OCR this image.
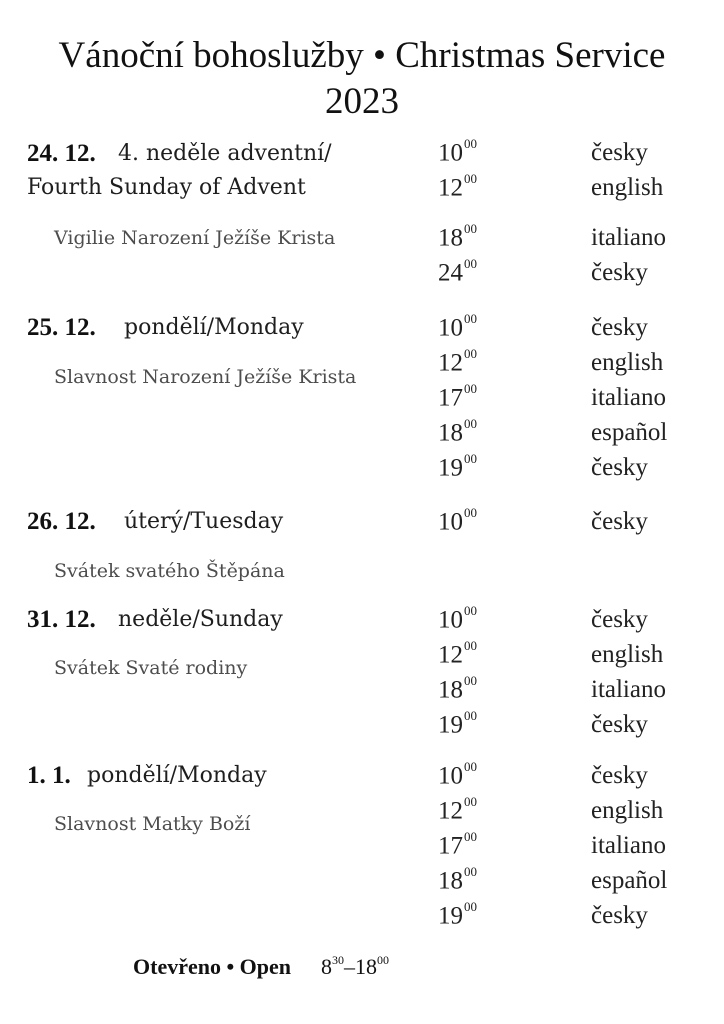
Vánoční bohoslužby • Christmas Service
2023
24. 12. 4. neděle adventní/
Fourth Sunday of Advent
Vigilie Narození Ježíše Krista
$10^{00}$	česky
$12^{00}$	english
$18^{00}$	italiano
$24^{00}$	česky
25. 12. pondělí/Monday
Slavnost Narození Ježíše Krista
$10^{00}$	česky
$12^{00}$	english
$17^{00}$	italiano
$18^{00}$	español
$19^{00}$	česky
26. 12. úterý/Tuesday
Svátek svatého Štěpána
$10^{00}$	česky
31. 12. neděle/Sunday
Svátek Svaté rodiny
$10^{00}$	česky
$12^{00}$	english
$18^{00}$	italiano
$19^{00}$	česky
1. 1. pondělí/Monday
Slavnost Matky Boží
$10^{00}$	česky
$12^{00}$	english
$17^{00}$	italiano
$18^{00}$	español
$19^{00}$	česky
Otevřeno • Open $8^{30}-18^{00}$
